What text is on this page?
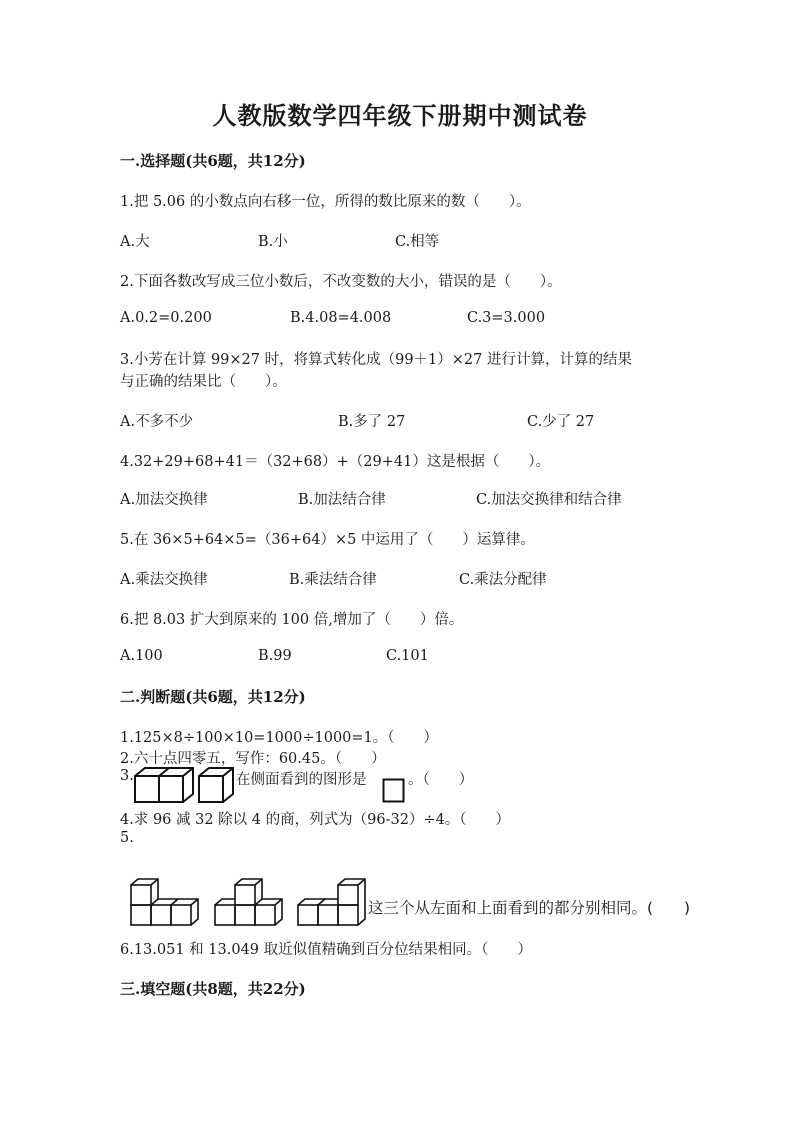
人教版数学四年级下册期中测试卷
一.选择题(共6题，共12分)
1.把 5.06 的小数点向右移一位，所得的数比原来的数（　　）。
A.大	B.小	C.相等
2.下面各数改写成三位小数后，不改变数的大小，错误的是（　　）。
A.0.2=0.200	B.4.08=4.008	C.3=3.000
3.小芳在计算 99×27 时，将算式转化成（99＋1）×27 进行计算，计算的结果
与正确的结果比（　　）。
A.不多不少	B.多了 27	C.少了 27
4.32+29+68+41＝（32+68）+（29+41）这是根据（　　）。
A.加法交换律	B.加法结合律	C.加法交换律和结合律
5.在 36×5+64×5=（36+64）×5 中运用了（　　）运算律。
A.乘法交换律	B.乘法结合律	C.乘法分配律
6.把 8.03 扩大到原来的 100 倍,增加了（　　）倍。
A.100	B.99	C.101
二.判断题(共6题，共12分)
1.125×8÷100×10=1000÷1000=1。（　　）
2.六十点四零五，写作：60.45。（　　）
3.	在侧面看到的图形是	。（　　）
4.求 96 减 32 除以 4 的商，列式为（96-32）÷4。（　　）
5.
这三个从左面和上面看到的都分别相同。(　　)
6.13.051 和 13.049 取近似值精确到百分位结果相同。（　　）
三.填空题(共8题，共22分)
